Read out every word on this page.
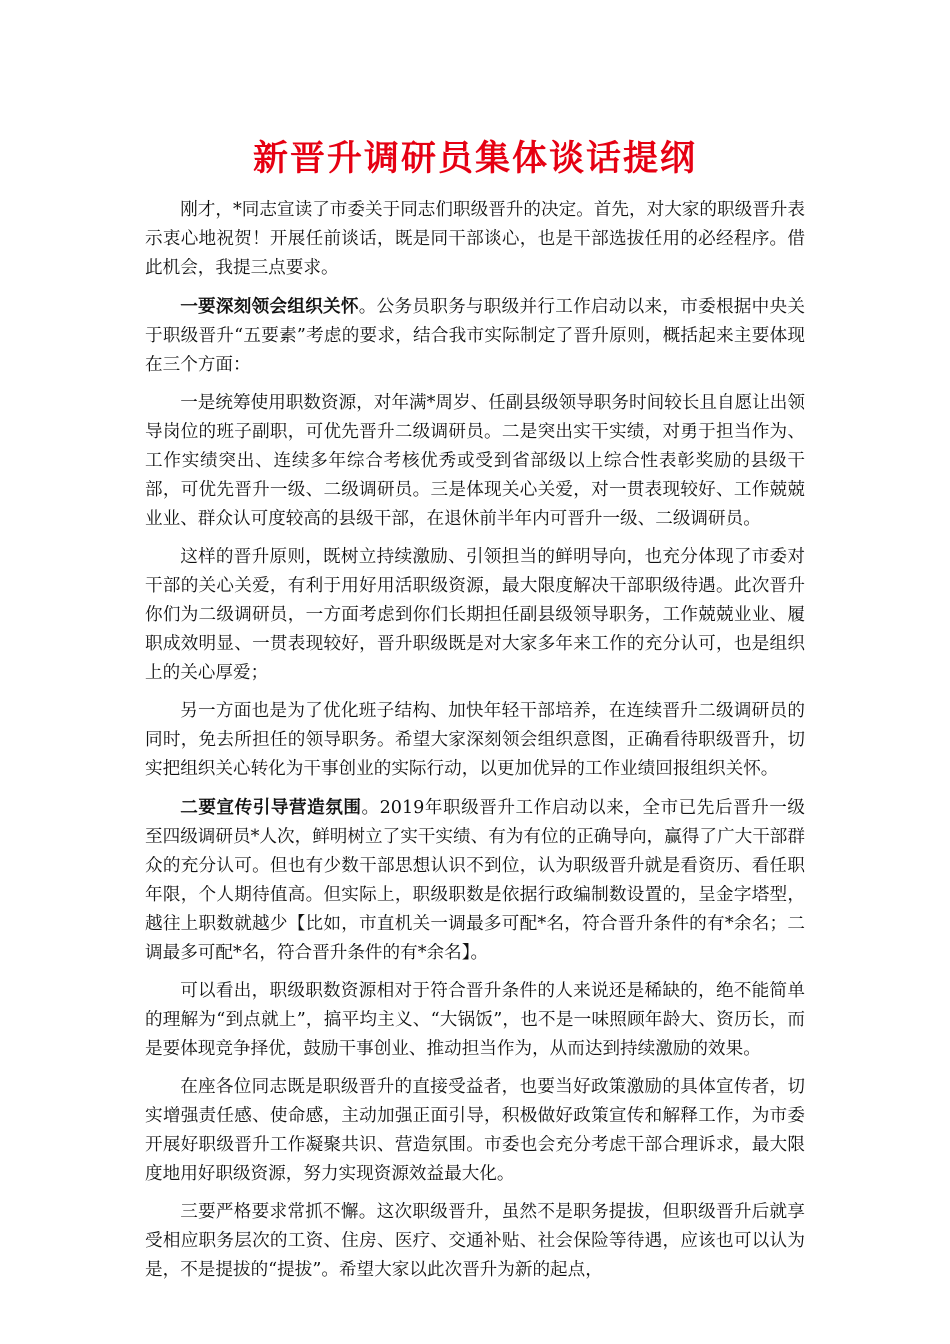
新晋升调研员集体谈话提纲

刚才，*同志宣读了市委关于同志们职级晋升的决定。首先，对大家的职级晋升表示衷心地祝贺！开展任前谈话，既是同干部谈心，也是干部选拔任用的必经程序。借此机会，我提三点要求。

一要深刻领会组织关怀。公务员职务与职级并行工作启动以来，市委根据中央关于职级晋升“五要素”考虑的要求，结合我市实际制定了晋升原则，概括起来主要体现在三个方面：

一是统筹使用职数资源，对年满*周岁、任副县级领导职务时间较长且自愿让出领导岗位的班子副职，可优先晋升二级调研员。二是突出实干实绩，对勇于担当作为、工作实绩突出、连续多年综合考核优秀或受到省部级以上综合性表彰奖励的县级干部，可优先晋升一级、二级调研员。三是体现关心关爱，对一贯表现较好、工作兢兢业业、群众认可度较高的县级干部，在退休前半年内可晋升一级、二级调研员。

这样的晋升原则，既树立持续激励、引领担当的鲜明导向，也充分体现了市委对干部的关心关爱，有利于用好用活职级资源，最大限度解决干部职级待遇。此次晋升你们为二级调研员，一方面考虑到你们长期担任副县级领导职务，工作兢兢业业、履职成效明显、一贯表现较好，晋升职级既是对大家多年来工作的充分认可，也是组织上的关心厚爱；

另一方面也是为了优化班子结构、加快年轻干部培养，在连续晋升二级调研员的同时，免去所担任的领导职务。希望大家深刻领会组织意图，正确看待职级晋升，切实把组织关心转化为干事创业的实际行动，以更加优异的工作业绩回报组织关怀。

二要宣传引导营造氛围。2019年职级晋升工作启动以来，全市已先后晋升一级至四级调研员*人次，鲜明树立了实干实绩、有为有位的正确导向，赢得了广大干部群众的充分认可。但也有少数干部思想认识不到位，认为职级晋升就是看资历、看任职年限，个人期待值高。但实际上，职级职数是依据行政编制数设置的，呈金字塔型，越往上职数就越少【比如，市直机关一调最多可配*名，符合晋升条件的有*余名；二调最多可配*名，符合晋升条件的有*余名】。

可以看出，职级职数资源相对于符合晋升条件的人来说还是稀缺的，绝不能简单的理解为“到点就上”，搞平均主义、“大锅饭”，也不是一味照顾年龄大、资历长，而是要体现竞争择优，鼓励干事创业、推动担当作为，从而达到持续激励的效果。

在座各位同志既是职级晋升的直接受益者，也要当好政策激励的具体宣传者，切实增强责任感、使命感，主动加强正面引导，积极做好政策宣传和解释工作，为市委开展好职级晋升工作凝聚共识、营造氛围。市委也会充分考虑干部合理诉求，最大限度地用好职级资源，努力实现资源效益最大化。

三要严格要求常抓不懈。这次职级晋升，虽然不是职务提拔，但职级晋升后就享受相应职务层次的工资、住房、医疗、交通补贴、社会保险等待遇，应该也可以认为是，不是提拔的“提拔”。希望大家以此次晋升为新的起点，
